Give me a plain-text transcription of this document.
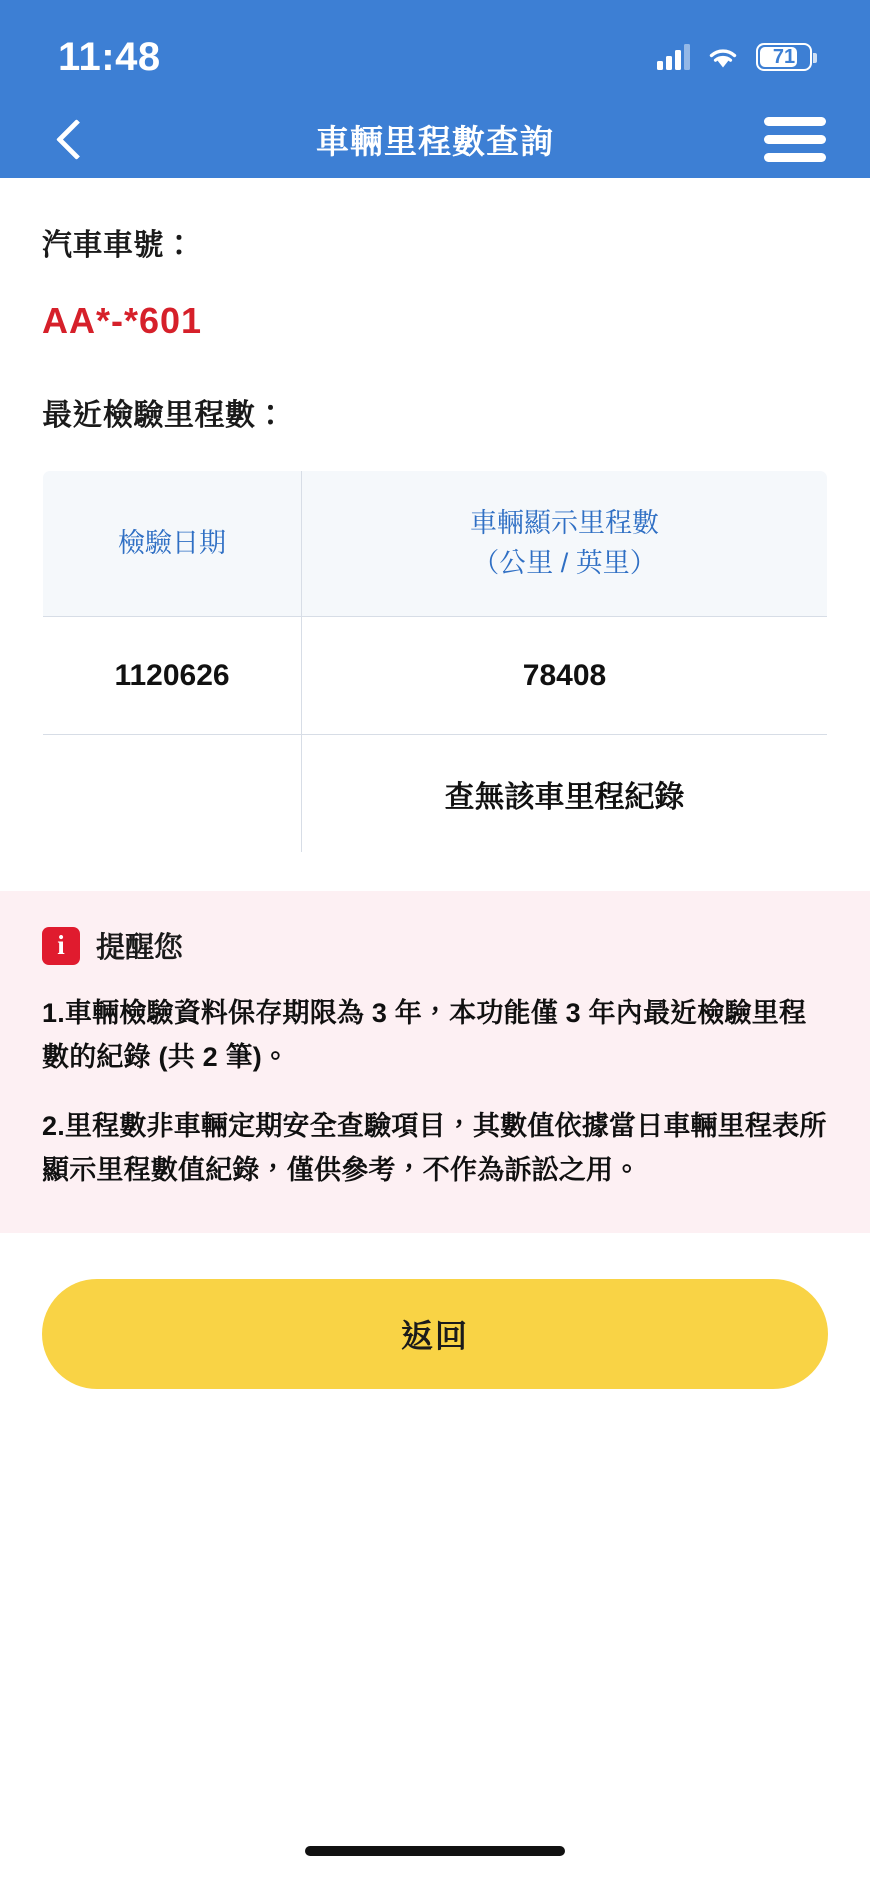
11:48	71
車輛里程數查詢
汽車車號：
AA*-*601
最近檢驗里程數：
檢驗日期	車輛顯示里程數
（公里 / 英里）

1120626	78408
	查無該車里程紀錄
i	提醒您
1.車輛檢驗資料保存期限為 3 年，本功能僅 3 年內最近檢驗里程數的紀錄 (共 2 筆)。
2.里程數非車輛定期安全查驗項目，其數值依據當日車輛里程表所顯示里程數值紀錄，僅供參考，不作為訴訟之用。
返回
